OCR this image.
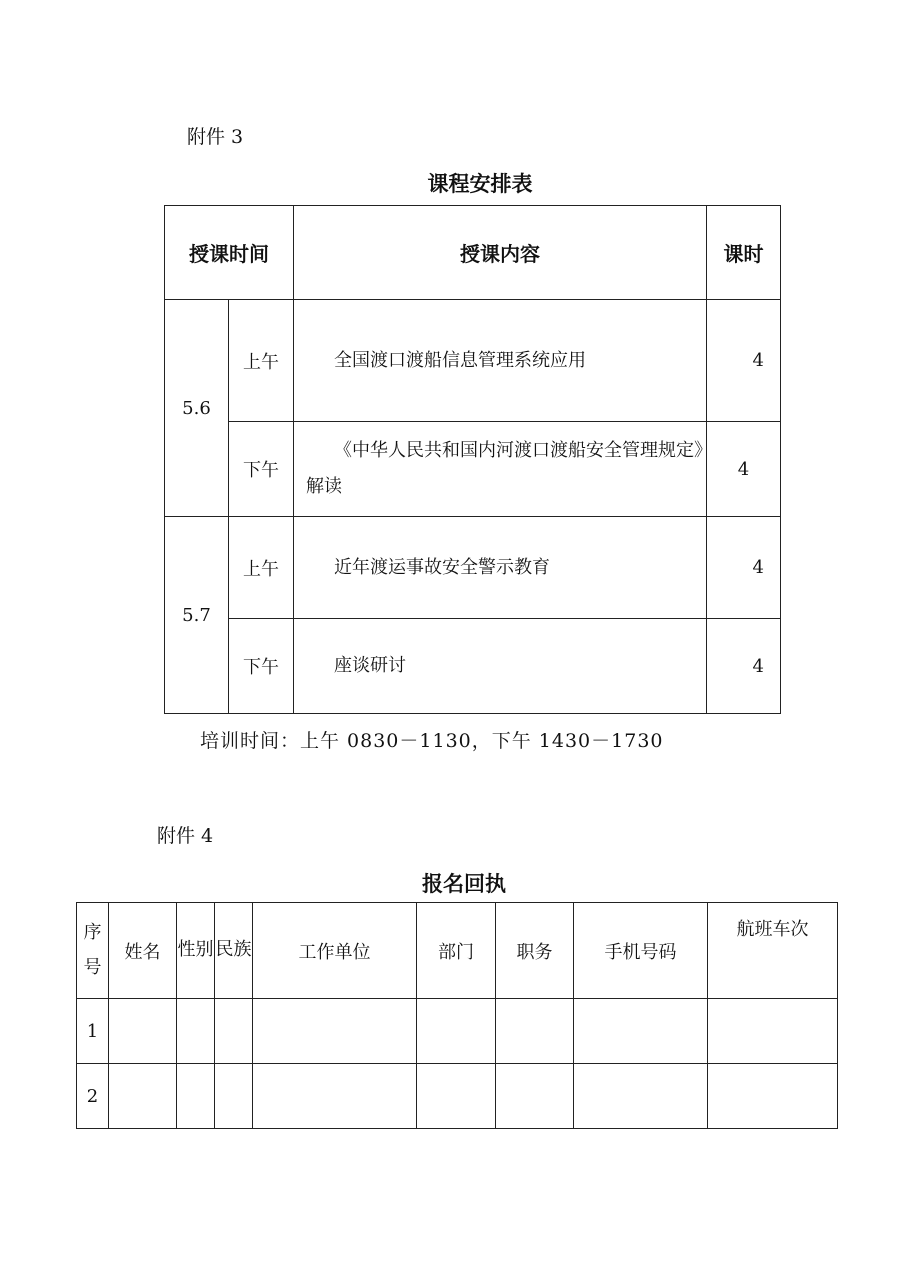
附件 3
课程安排表
授课时间		授课内容	课时
5.6	上午	全国渡口渡船信息管理系统应用	4
	下午	《中华人民共和国内河渡口渡船安全管理规定》解读	4
5.7	上午	近年渡运事故安全警示教育	4
	下午	座谈研讨	4
培训时间：上午 0830－1130，下午 1430－1730
附件 4
报名回执
序号	姓名	性别	民族	工作单位	部门	职务	手机号码	航班车次
1								
2								
